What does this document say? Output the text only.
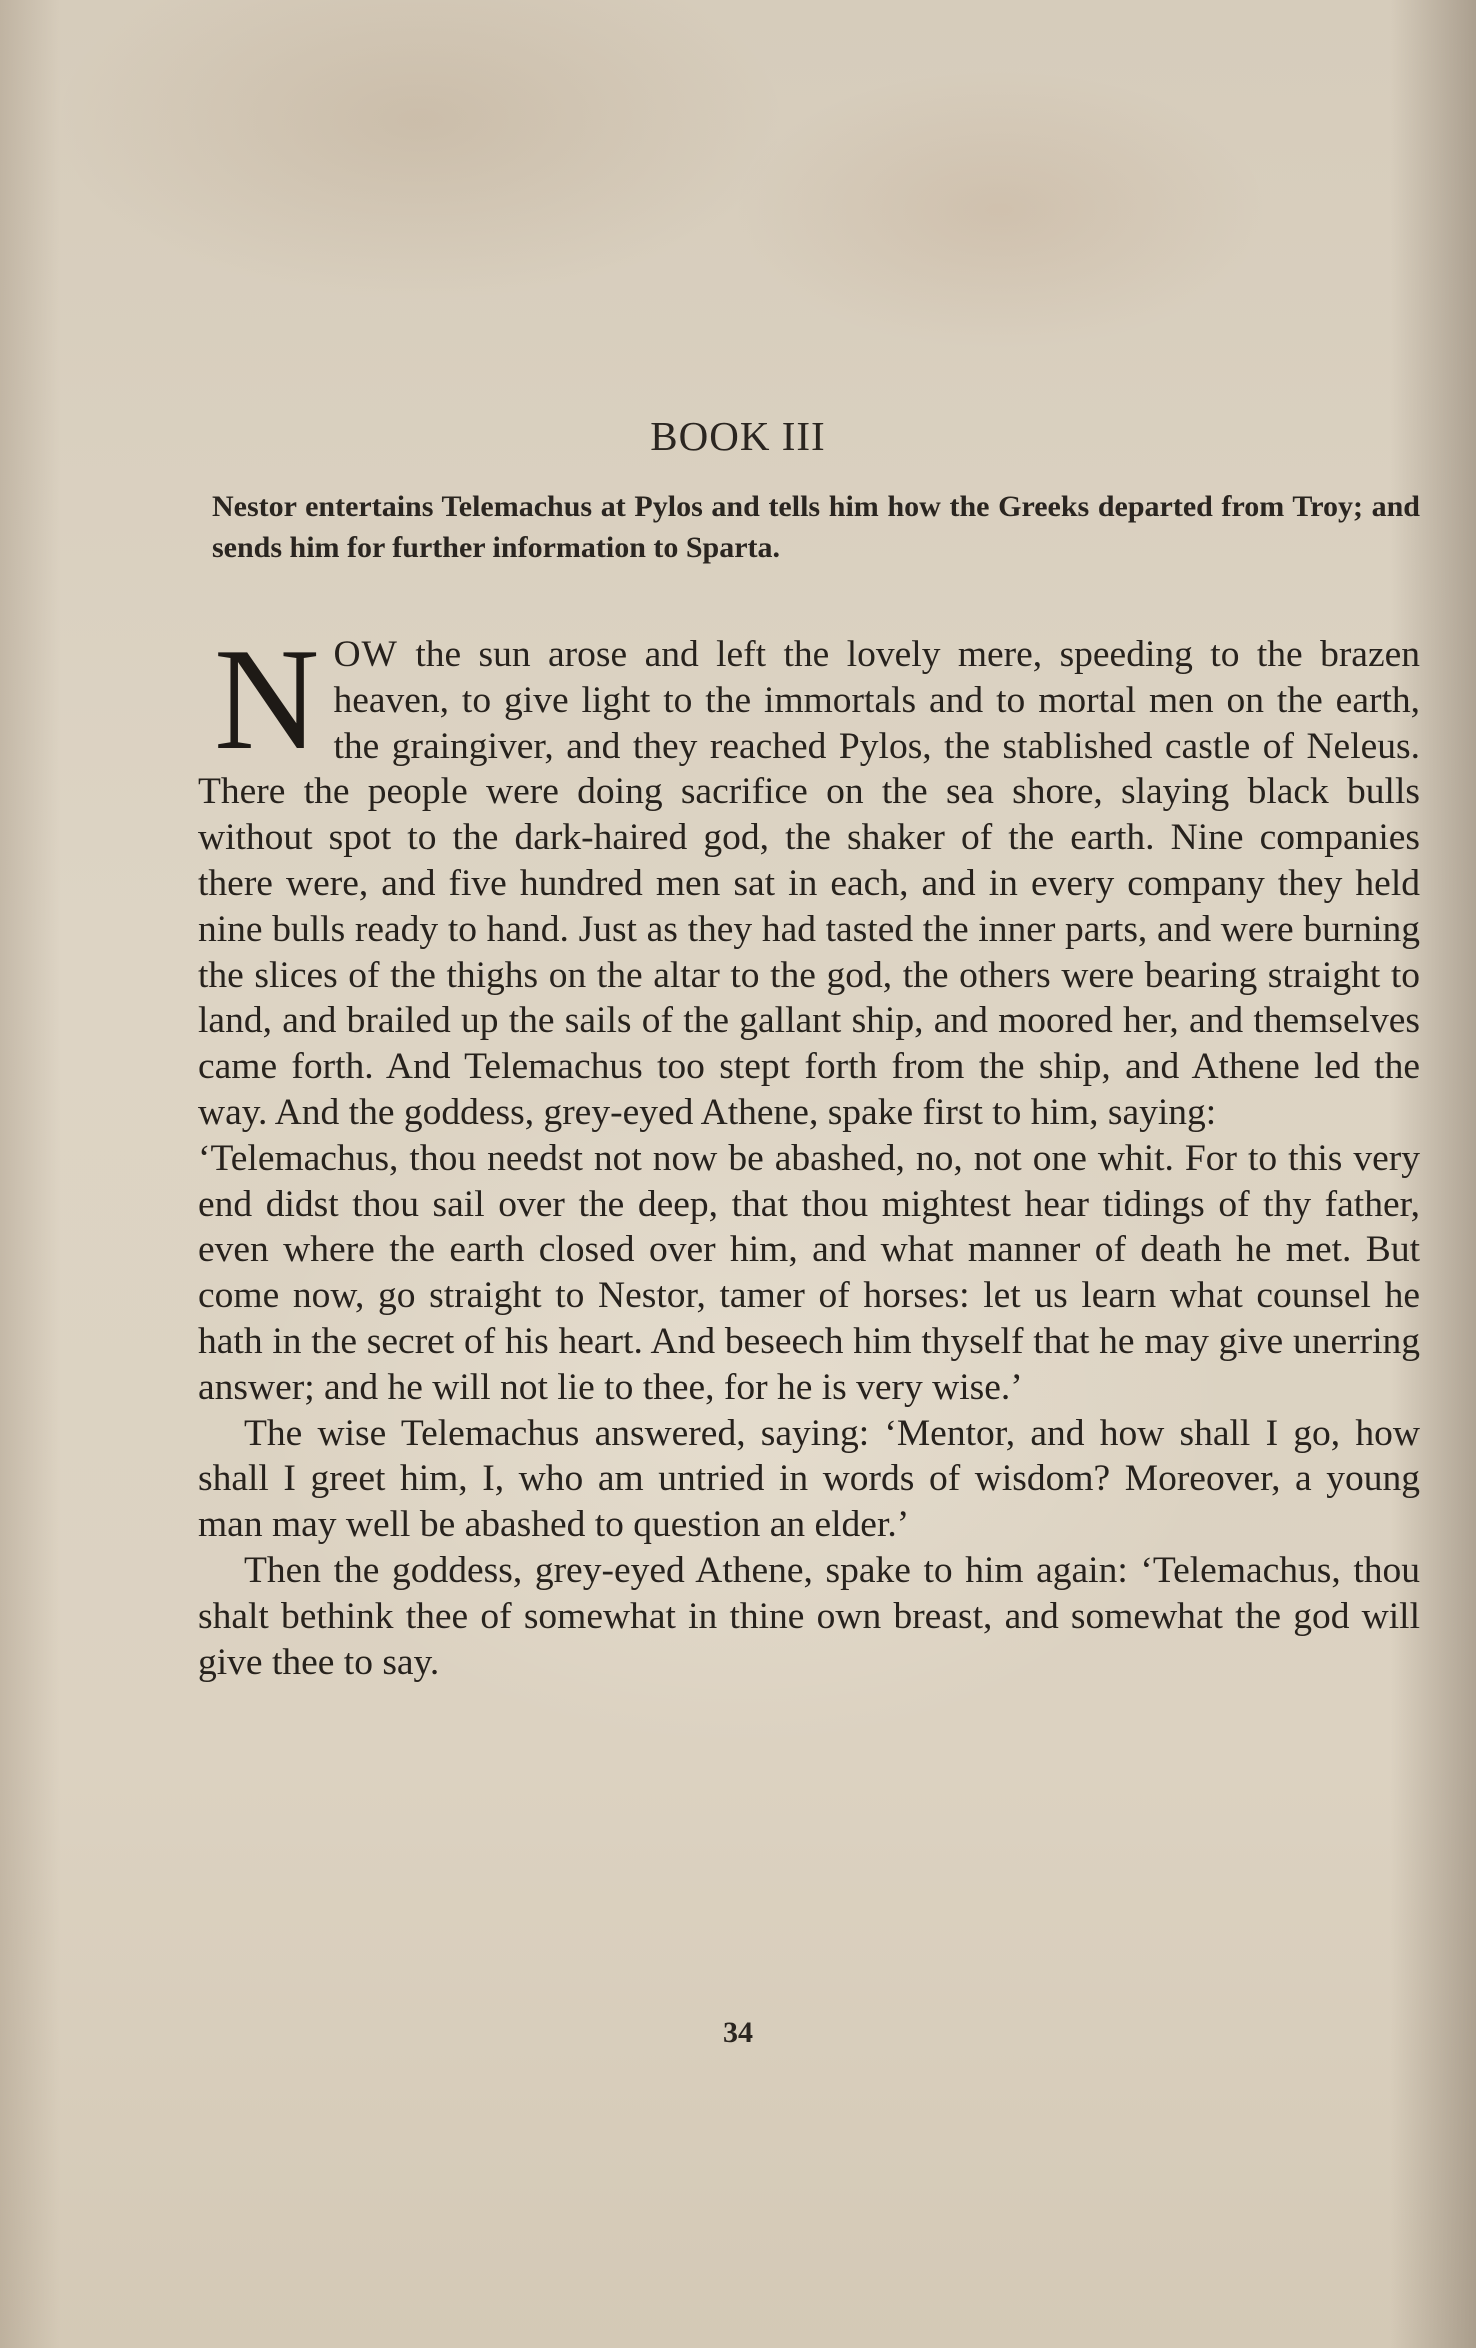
BOOK III

Nestor entertains Telemachus at Pylos and tells him how the Greeks departed from Troy; and sends him for further information to Sparta.

NOW the sun arose and left the lovely mere, speeding to the brazen heaven, to give light to the immortals and to mortal men on the earth, the graingiver, and they reached Pylos, the stablished castle of Neleus. There the people were doing sacrifice on the sea shore, slaying black bulls without spot to the dark-haired god, the shaker of the earth. Nine companies there were, and five hundred men sat in each, and in every company they held nine bulls ready to hand. Just as they had tasted the inner parts, and were burning the slices of the thighs on the altar to the god, the others were bearing straight to land, and brailed up the sails of the gallant ship, and moored her, and themselves came forth. And Telemachus too stept forth from the ship, and Athene led the way. And the goddess, grey-eyed Athene, spake first to him, saying:

‘Telemachus, thou needst not now be abashed, no, not one whit. For to this very end didst thou sail over the deep, that thou mightest hear tidings of thy father, even where the earth closed over him, and what manner of death he met. But come now, go straight to Nestor, tamer of horses: let us learn what counsel he hath in the secret of his heart. And beseech him thyself that he may give unerring answer; and he will not lie to thee, for he is very wise.’

The wise Telemachus answered, saying: ‘Mentor, and how shall I go, how shall I greet him, I, who am untried in words of wisdom? Moreover, a young man may well be abashed to question an elder.’

Then the goddess, grey-eyed Athene, spake to him again: ‘Telemachus, thou shalt bethink thee of somewhat in thine own breast, and somewhat the god will give thee to say.

34
